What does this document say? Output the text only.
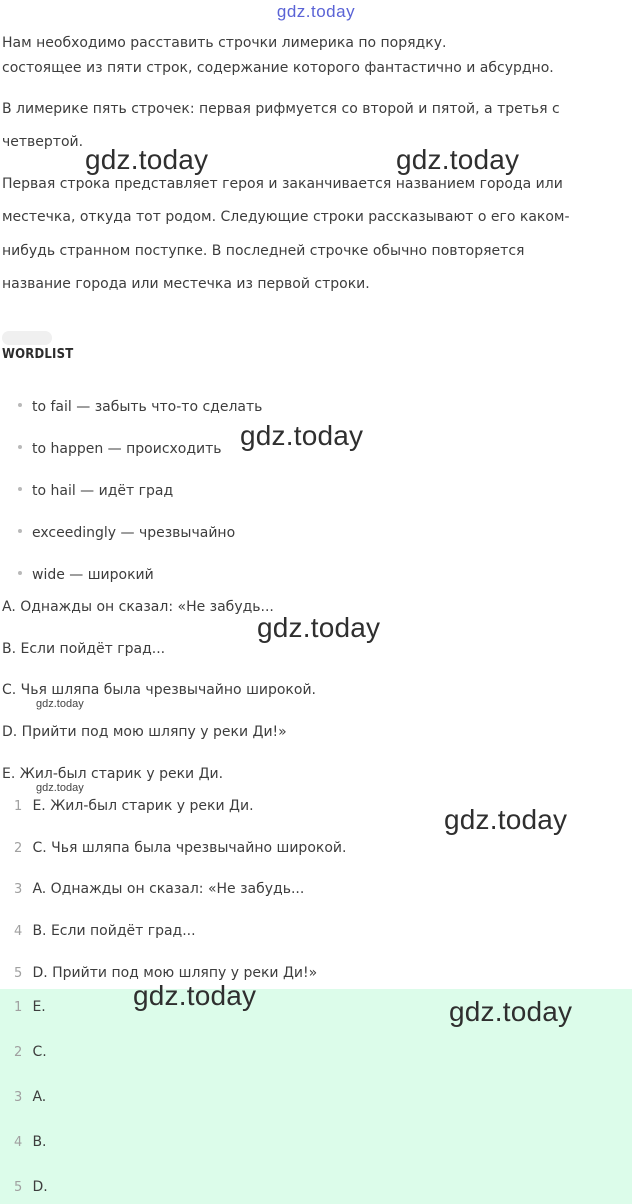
gdz.today
Нам необходимо расставить строчки лимерика по порядку.
состоящее из пяти строк, содержание которого фантастично и абсурдно.
В лимерике пять строчек: первая рифмуется со второй и пятой, а третья с
четвертой.
Первая строка представляет героя и заканчивается названием города или
местечка, откуда тот родом. Следующие строки рассказывают о его каком-
нибудь странном поступке. В последней строчке обычно повторяется
название города или местечка из первой строки.
WORDLIST
to fail — забыть что-то сделать
to happen — происходить
to hail — идёт град
exceedingly — чрезвычайно
wide — широкий
A. Однажды он сказал: «Не забудь...
B. Если пойдёт град...
C. Чья шляпа была чрезвычайно широкой.
D. Прийти под мою шляпу у реки Ди!»
E. Жил-был старик у реки Ди.
1 E. Жил-был старик у реки Ди.
2 C. Чья шляпа была чрезвычайно широкой.
3 A. Однажды он сказал: «Не забудь...
4 B. Если пойдёт град...
5 D. Прийти под мою шляпу у реки Ди!»
1 E.
2 C.
3 A.
4 B.
5 D.
gdz.today	gdz.today
gdz.today
gdz.today
gdz.today
gdz.today
gdz.today
gdz.today
gdz.today
